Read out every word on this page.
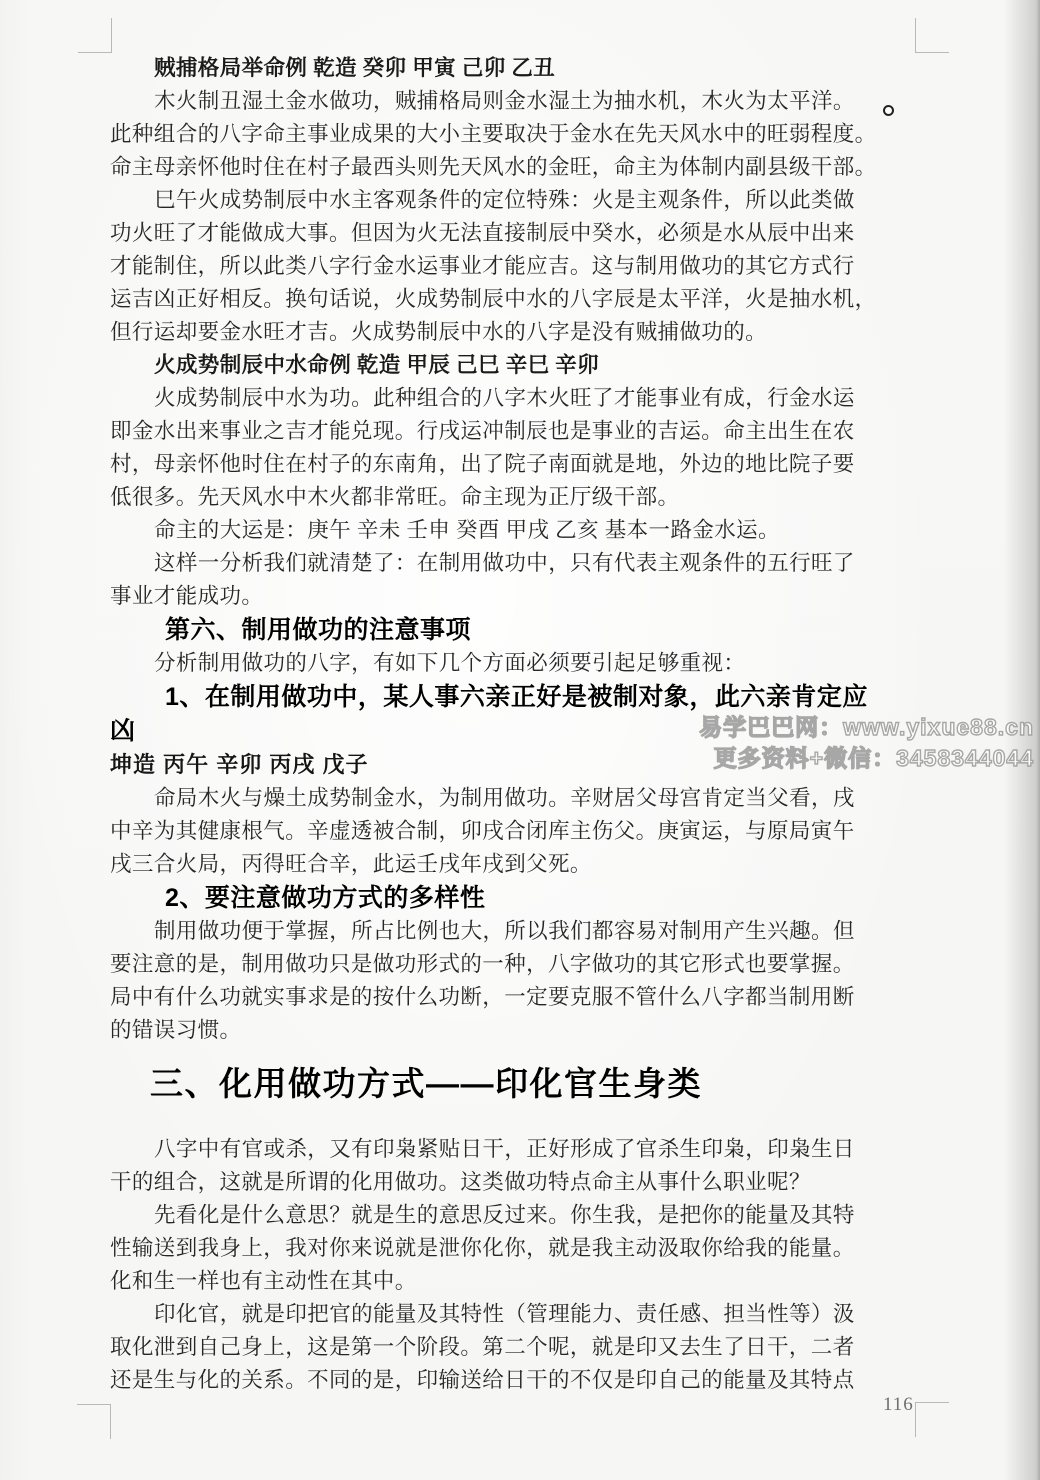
贼捕格局举命例 乾造 癸卯 甲寅 己卯 乙丑
木火制丑湿土金水做功，贼捕格局则金水湿土为抽水机，木火为太平洋。
此种组合的八字命主事业成果的大小主要取决于金水在先天风水中的旺弱程度。
命主母亲怀他时住在村子最西头则先天风水的金旺，命主为体制内副县级干部。
巳午火成势制辰中水主客观条件的定位特殊：火是主观条件，所以此类做
功火旺了才能做成大事。但因为火无法直接制辰中癸水，必须是水从辰中出来
才能制住，所以此类八字行金水运事业才能应吉。这与制用做功的其它方式行
运吉凶正好相反。换句话说，火成势制辰中水的八字辰是太平洋，火是抽水机，
但行运却要金水旺才吉。火成势制辰中水的八字是没有贼捕做功的。
火成势制辰中水命例 乾造 甲辰 己巳 辛巳 辛卯
火成势制辰中水为功。此种组合的八字木火旺了才能事业有成，行金水运
即金水出来事业之吉才能兑现。行戌运冲制辰也是事业的吉运。命主出生在农
村，母亲怀他时住在村子的东南角，出了院子南面就是地，外边的地比院子要
低很多。先天风水中木火都非常旺。命主现为正厅级干部。
命主的大运是：庚午 辛未 壬申 癸酉 甲戌 乙亥 基本一路金水运。
这样一分析我们就清楚了：在制用做功中，只有代表主观条件的五行旺了
事业才能成功。
第六、制用做功的注意事项
分析制用做功的八字，有如下几个方面必须要引起足够重视：
1、在制用做功中，某人事六亲正好是被制对象，此六亲肯定应
凶
坤造 丙午 辛卯 丙戌 戊子
命局木火与燥土成势制金水，为制用做功。辛财居父母宫肯定当父看，戌
中辛为其健康根气。辛虚透被合制，卯戌合闭库主伤父。庚寅运，与原局寅午
戌三合火局，丙得旺合辛，此运壬戌年戌到父死。
2、要注意做功方式的多样性
制用做功便于掌握，所占比例也大，所以我们都容易对制用产生兴趣。但
要注意的是，制用做功只是做功形式的一种，八字做功的其它形式也要掌握。
局中有什么功就实事求是的按什么功断，一定要克服不管什么八字都当制用断
的错误习惯。
三、化用做功方式——印化官生身类
八字中有官或杀，又有印枭紧贴日干，正好形成了官杀生印枭，印枭生日
干的组合，这就是所谓的化用做功。这类做功特点命主从事什么职业呢？
先看化是什么意思？就是生的意思反过来。你生我，是把你的能量及其特
性输送到我身上，我对你来说就是泄你化你，就是我主动汲取你给我的能量。
化和生一样也有主动性在其中。
印化官，就是印把官的能量及其特性（管理能力、责任感、担当性等）汲
取化泄到自己身上，这是第一个阶段。第二个呢，就是印又去生了日干，二者
还是生与化的关系。不同的是，印输送给日干的不仅是印自己的能量及其特点
易学巴巴网：www.yixue88.cn
更多资料+微信：3458344044
116
